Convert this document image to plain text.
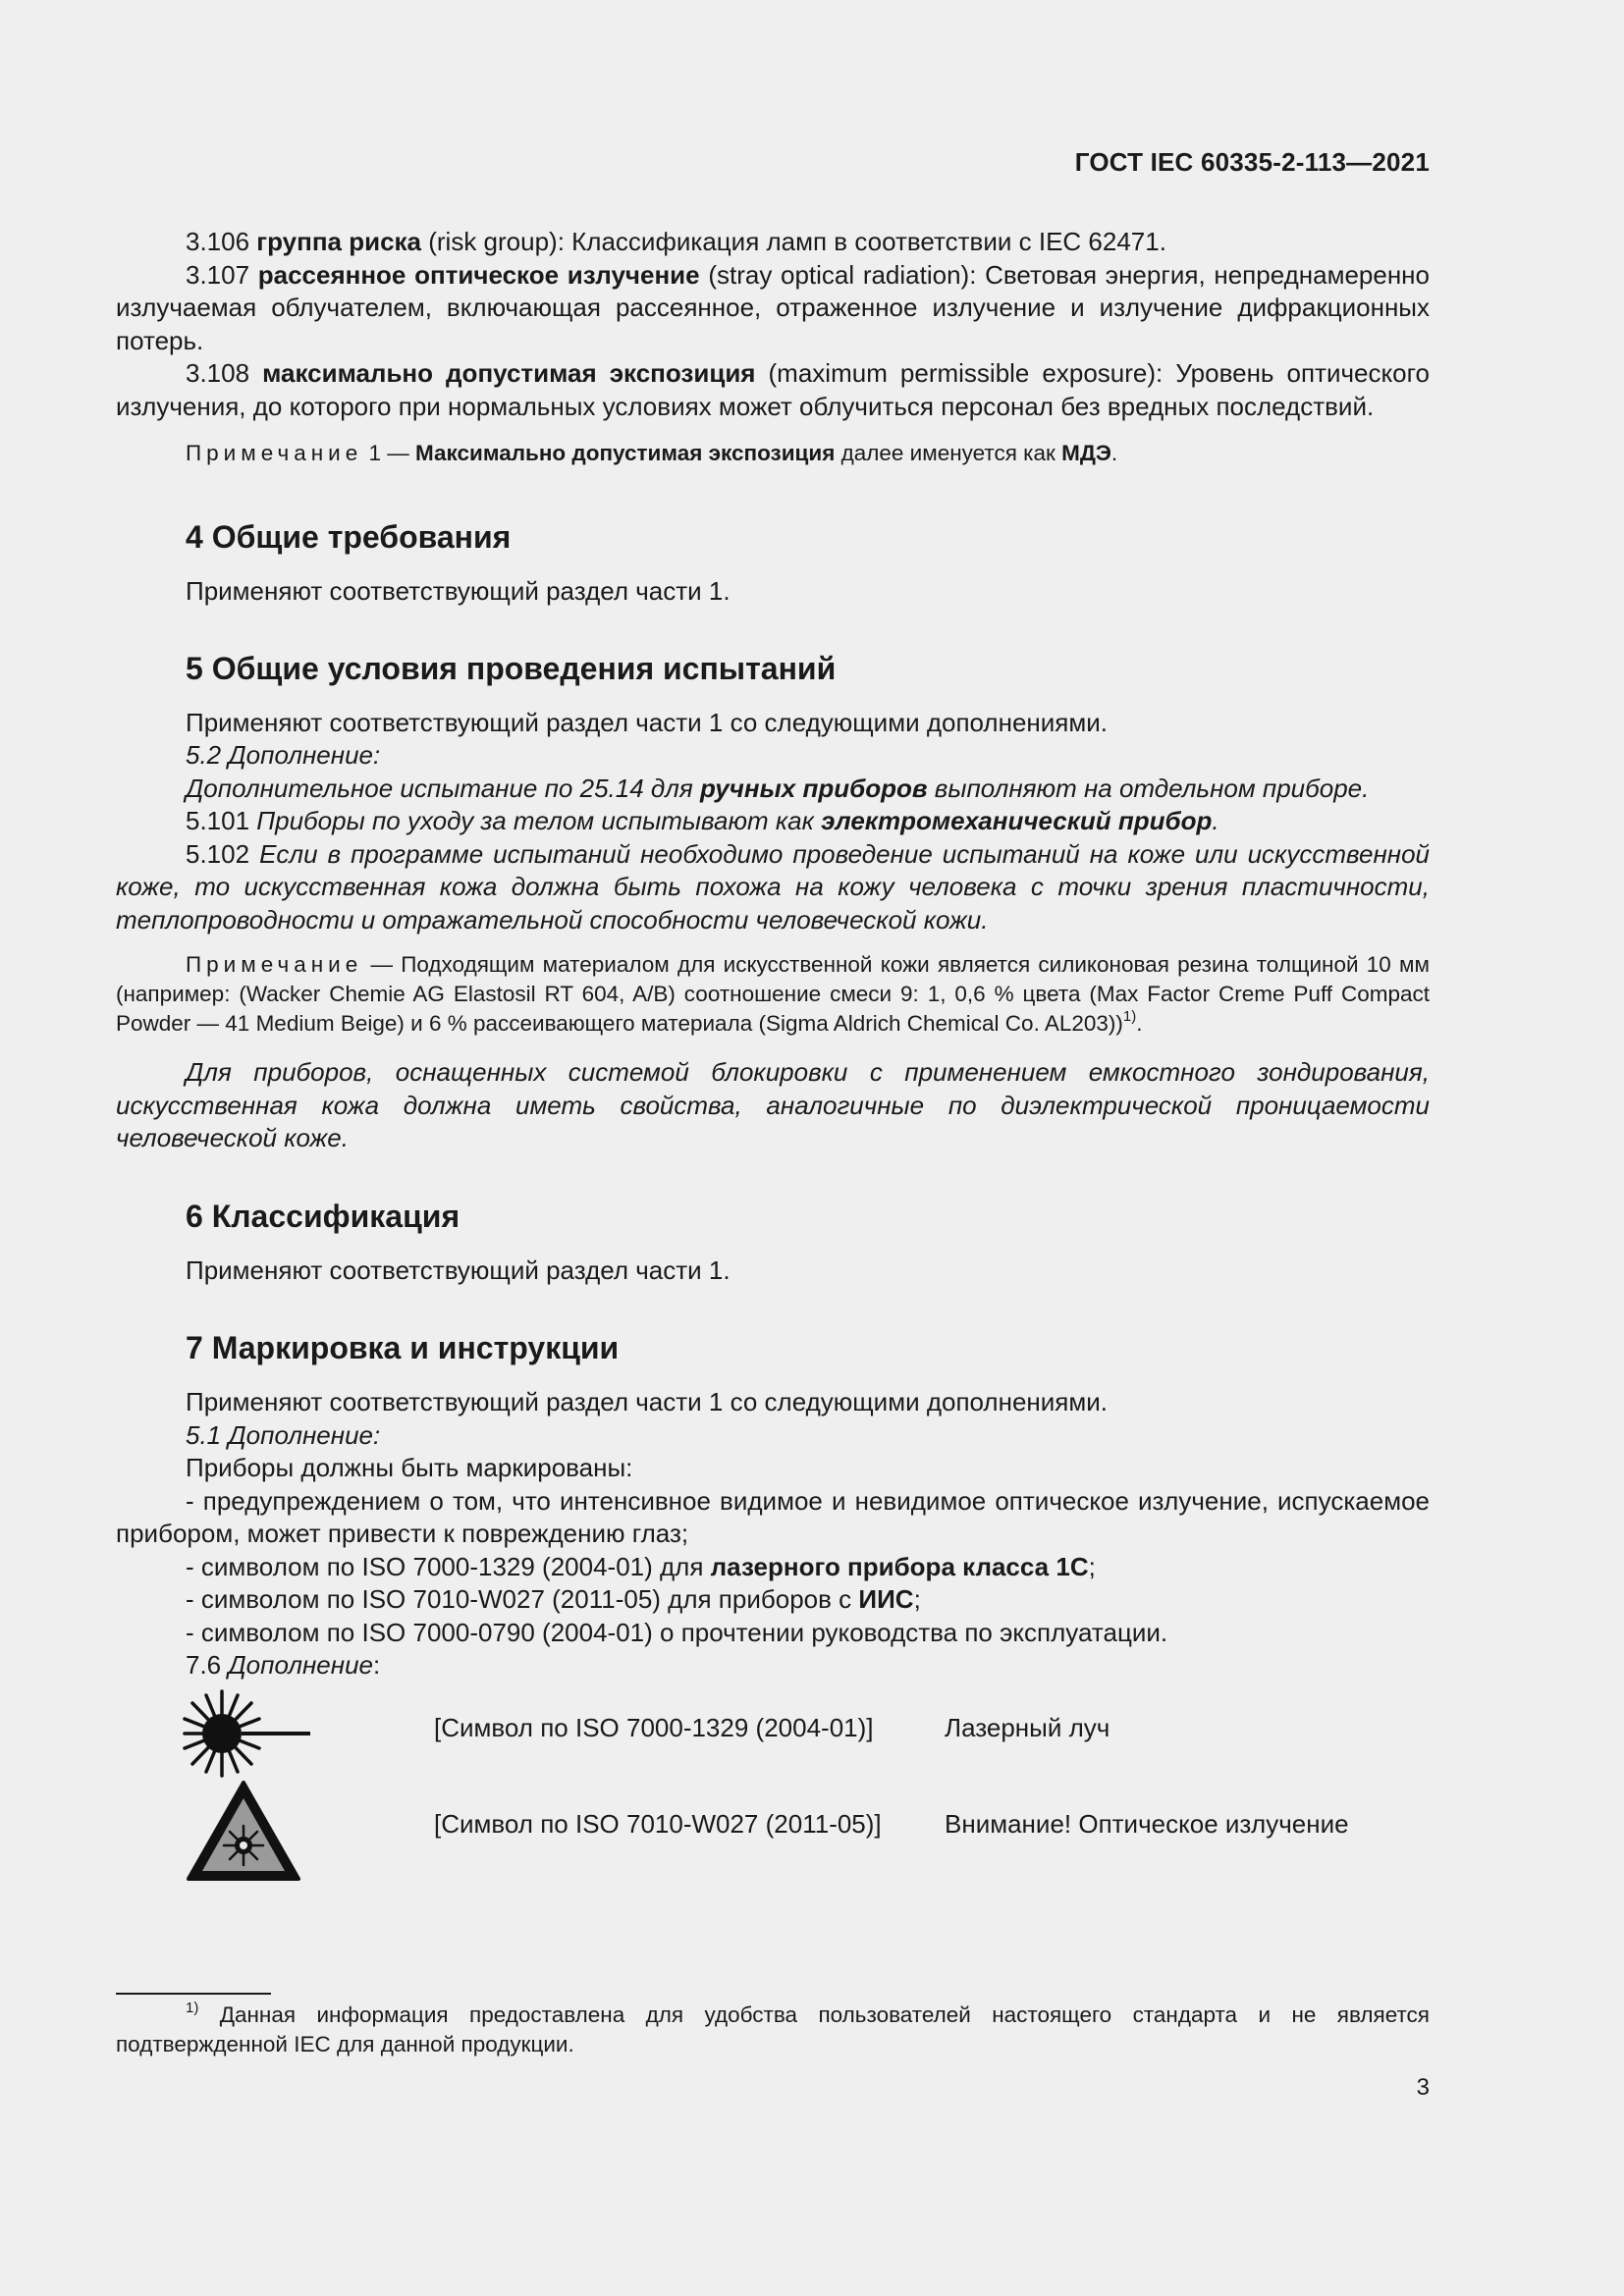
ГОСТ IEC 60335-2-113—2021

3.106 группа риска (risk group): Классификация ламп в соответствии с IEC 62471.

3.107 рассеянное оптическое излучение (stray optical radiation): Световая энергия, непреднамеренно излучаемая облучателем, включающая рассеянное, отраженное излучение и излучение дифракционных потерь.

3.108 максимально допустимая экспозиция (maximum permissible exposure): Уровень оптического излучения, до которого при нормальных условиях может облучиться персонал без вредных последствий.

Примечание 1 — Максимально допустимая экспозиция далее именуется как МДЭ.

4 Общие требования

Применяют соответствующий раздел части 1.

5 Общие условия проведения испытаний

Применяют соответствующий раздел части 1 со следующими дополнениями.

5.2 Дополнение:

Дополнительное испытание по 25.14 для ручных приборов выполняют на отдельном приборе.

5.101 Приборы по уходу за телом испытывают как электромеханический прибор.

5.102 Если в программе испытаний необходимо проведение испытаний на коже или искусственной коже, то искусственная кожа должна быть похожа на кожу человека с точки зрения пластичности, теплопроводности и отражательной способности человеческой кожи.

Примечание — Подходящим материалом для искусственной кожи является силиконовая резина толщиной 10 мм (например: (Wacker Chemie AG Elastosil RT 604, A/B) соотношение смеси 9: 1, 0,6 % цвета (Max Factor Creme Puff Compact Powder — 41 Medium Beige) и 6 % рассеивающего материала (Sigma Aldrich Chemical Co. AL203))$^{1)}$.

Для приборов, оснащенных системой блокировки с применением емкостного зондирования, искусственная кожа должна иметь свойства, аналогичные по диэлектрической проницаемости человеческой коже.

6 Классификация

Применяют соответствующий раздел части 1.

7 Маркировка и инструкции

Применяют соответствующий раздел части 1 со следующими дополнениями.

5.1 Дополнение:

Приборы должны быть маркированы:

- предупреждением о том, что интенсивное видимое и невидимое оптическое излучение, испускаемое прибором, может привести к повреждению глаз;

- символом по ISO 7000-1329 (2004-01) для лазерного прибора класса 1С;

- символом по ISO 7010-W027 (2011-05) для приборов с ИИС;

- символом по ISO 7000-0790 (2004-01) о прочтении руководства по эксплуатации.

7.6 Дополнение:

[Символ по ISO 7000-1329 (2004-01)]	Лазерный луч
[Символ по ISO 7010-W027 (2011-05)] Внимание! Оптическое излучение

$^{1)}$ Данная информация предоставлена для удобства пользователей настоящего стандарта и не является подтвержденной IEC для данной продукции.

3
